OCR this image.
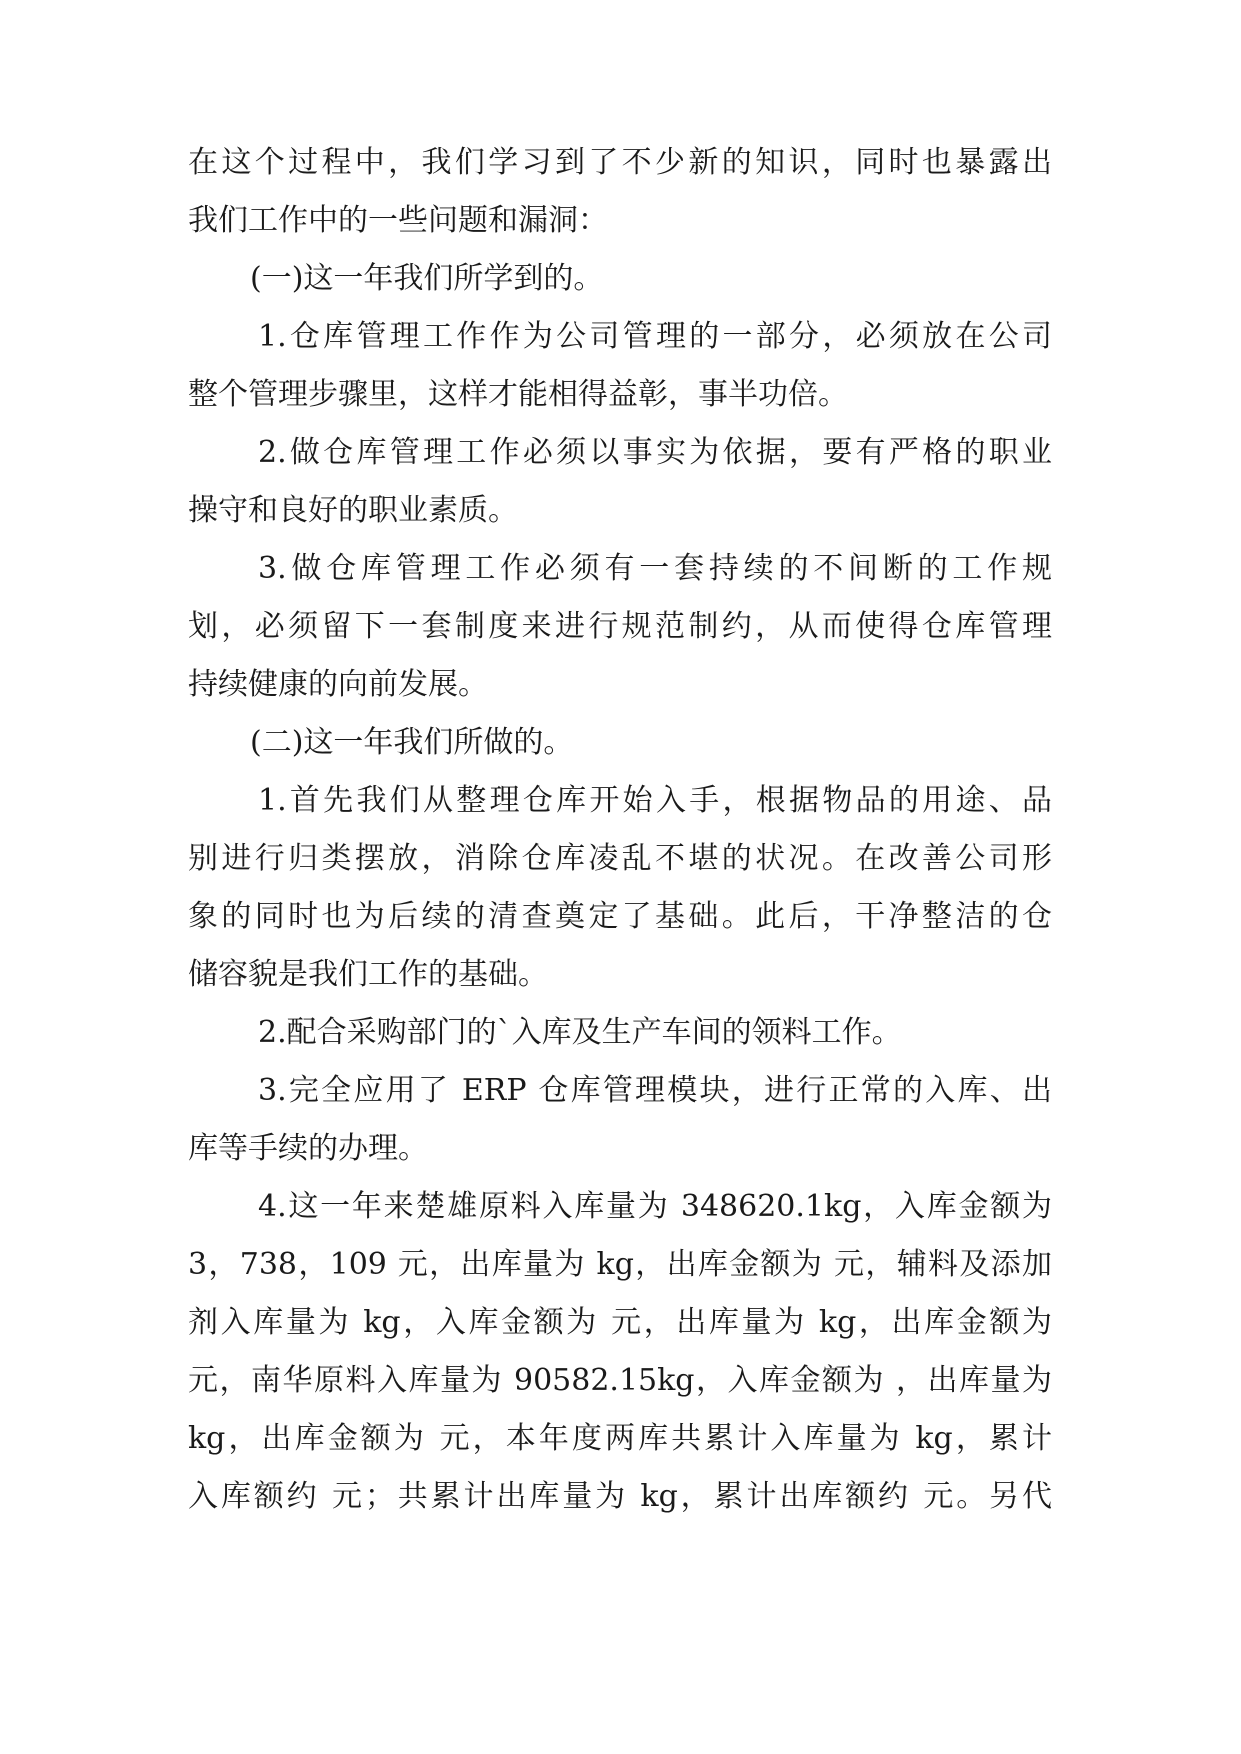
在这个过程中，我们学习到了不少新的知识，同时也暴露出
我们工作中的一些问题和漏洞：
(一)这一年我们所学到的。
1.仓库管理工作作为公司管理的一部分，必须放在公司
整个管理步骤里，这样才能相得益彰，事半功倍。
2.做仓库管理工作必须以事实为依据，要有严格的职业
操守和良好的职业素质。
3.做仓库管理工作必须有一套持续的不间断的工作规
划，必须留下一套制度来进行规范制约，从而使得仓库管理
持续健康的向前发展。
(二)这一年我们所做的。
1.首先我们从整理仓库开始入手，根据物品的用途、品
别进行归类摆放，消除仓库凌乱不堪的状况。在改善公司形
象的同时也为后续的清查奠定了基础。此后，干净整洁的仓
储容貌是我们工作的基础。
2.配合采购部门的`入库及生产车间的领料工作。
3.完全应用了 ERP 仓库管理模块，进行正常的入库、出
库等手续的办理。
4.这一年来楚雄原料入库量为 348620.1kg，入库金额为
3，738，109 元，出库量为 kg，出库金额为 元，辅料及添加
剂入库量为 kg，入库金额为 元，出库量为 kg，出库金额为
元，南华原料入库量为 90582.15kg，入库金额为 ，出库量为
kg，出库金额为 元，本年度两库共累计入库量为 kg，累计
入库额约 元；共累计出库量为 kg，累计出库额约 元。另代
